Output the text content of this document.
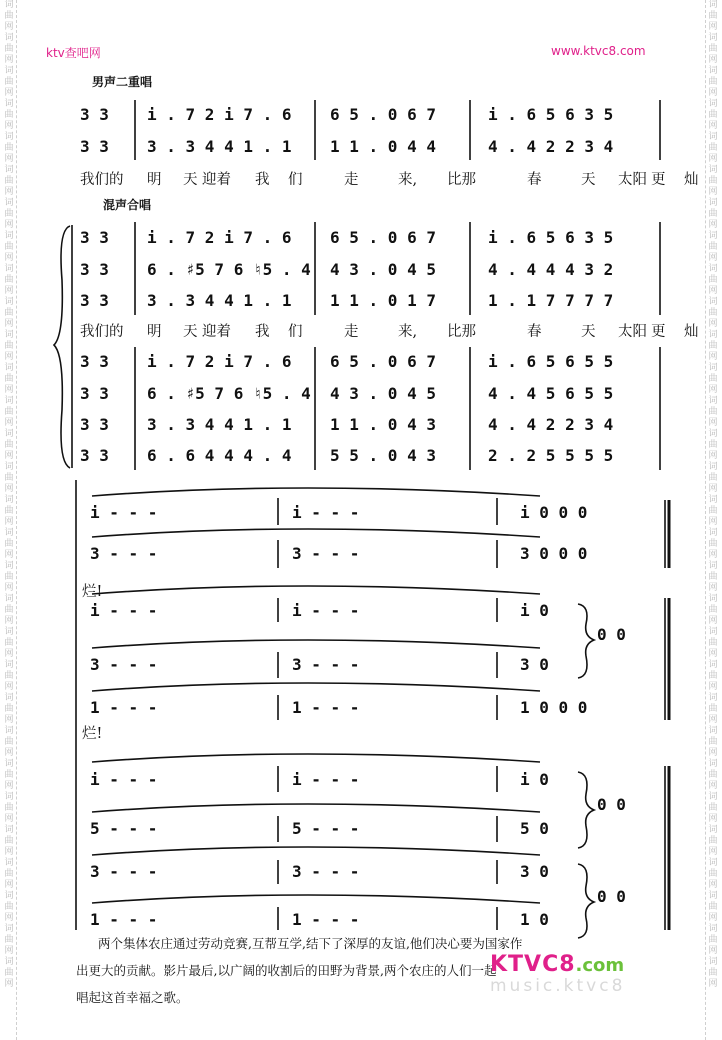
词
曲
网
词
曲
网
词
曲
网
词
曲
网
词
曲
网
词
曲
网
词
曲
网
词
曲
网
词
曲
网
词
曲
网
词
曲
网
词
曲
网
词
曲
网
词
曲
网
词
曲
网
词
曲
网
词
曲
网
词
曲
网
词
曲
网
词
曲
网
词
曲
网
词
曲
网
词
曲
网
词
曲
网
词
曲
网
词
曲
网
词
曲
网
词
曲
网
词
曲
网
词
曲
网
词
曲
网
词
曲
网
词
曲
网
词
曲
网
词
曲
网
词
曲
网
词
曲
网
词
曲
网
词
曲
网
词
曲
网
词
曲
网
词
曲
网
词
曲
网
词
曲
网
词
曲
网
词
曲
网
词
曲
网
词
曲
网
词
曲
网
词
曲
网
词
曲
网
词
曲
网
词
曲
网
词
曲
网
词
曲
网
词
曲
网
词
曲
网
词
曲
网
词
曲
网
词
曲
网
ktv查吧网	www.ktvc8.com
男声二重唱
混声合唱
3 3 i . 7 2 i 7 . 6 6 5 . 0 6 7	i . 6 5 6 3 5
3 3 3 . 3 4 4 1 . 1 1 1 . 0 4 4	4 . 4 2 2 3 4
3 3 i . 7 2 i 7 . 6 6 5 . 0 6 7	i . 6 5 6 3 5
3 3 6 . ♯5 7 6 ♮5 . 4 4 3 . 0 4 5	4 . 4 4 4 3 2
3 3 3 . 3 4 4 1 . 1 1 1 . 0 1 7	1 . 1 7 7 7 7
3 3 i . 7 2 i 7 . 6 6 5 . 0 6 7	i . 6 5 6 5 5
3 3 6 . ♯5 7 6 ♮5 . 4 4 3 . 0 4 5	4 . 4 5 6 5 5
3 3 3 . 3 4 4 1 . 1 1 1 . 0 4 3	4 . 4 2 2 3 4
3 3 6 . 6 4 4 4 . 4 5 5 . 0 4 3	2 . 2 5 5 5 5
i - - -	i - - -	i 0 0 0
3 - - -	3 - - -	3 0 0 0
i - - -	i - - -	i 0
3 - - -	3 - - -	3 0
0 0
1 - - -	1 - - -	1 0 0 0
i - - -	i - - -	i 0
5 - - -	5 - - -	5 0
0 0
3 - - -	3 - - -	3 0
1 - - -	1 - - -	1 0
0 0
我们的 明 天 迎着 我 们	走	来, 比那	春	天 太阳 更 灿
我们的 明 天 迎着 我 们	走	来, 比那	春	天 太阳 更 灿
烂!
烂!
两个集体农庄通过劳动竞赛,互帮互学,结下了深厚的友谊,他们决心要为国家作
出更大的贡献。影片最后,以广阔的收割后的田野为背景,两个农庄的人们一起
唱起这首幸福之歌。
KTVC8.com
music.ktvc8
